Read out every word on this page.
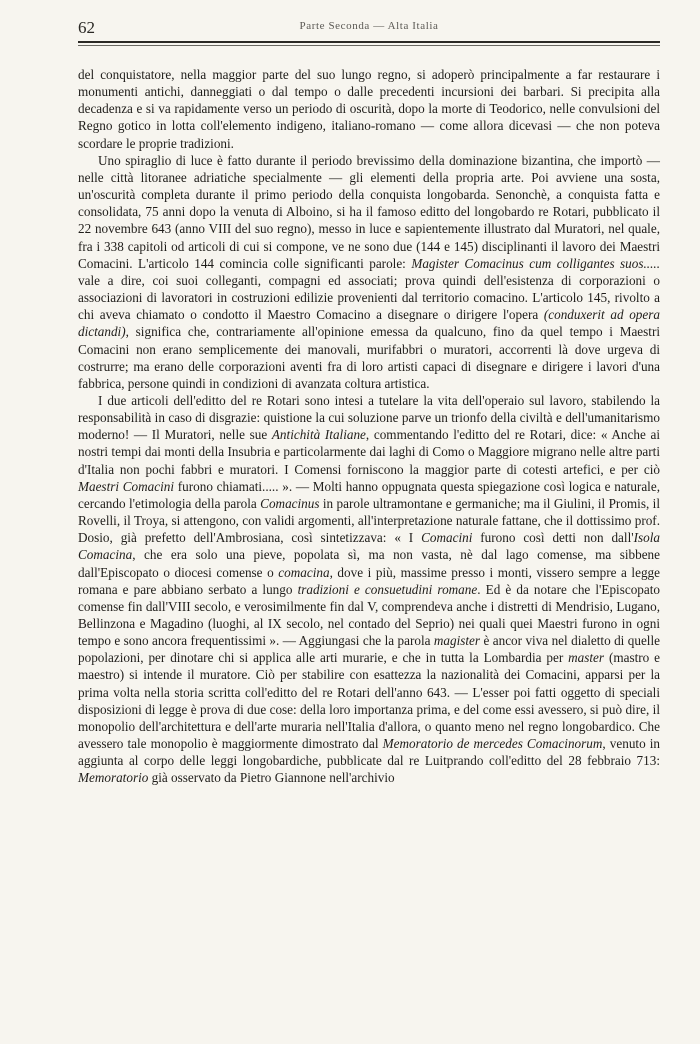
62	Parte Seconda — Alta Italia

del conquistatore, nella maggior parte del suo lungo regno, si adoperò principalmente a far restaurare i monumenti antichi, danneggiati o dal tempo o dalle precedenti incursioni dei barbari. Si precipita alla decadenza e si va rapidamente verso un periodo di oscurità, dopo la morte di Teodorico, nelle convulsioni del Regno gotico in lotta coll'elemento indigeno, italiano-romano — come allora dicevasi — che non poteva scordare le proprie tradizioni.

Uno spiraglio di luce è fatto durante il periodo brevissimo della dominazione bizantina, che importò — nelle città litoranee adriatiche specialmente — gli elementi della propria arte. Poi avviene una sosta, un'oscurità completa durante il primo periodo della conquista longobarda. Senonchè, a conquista fatta e consolidata, 75 anni dopo la venuta di Alboino, si ha il famoso editto del longobardo re Rotari, pubblicato il 22 novembre 643 (anno VIII del suo regno), messo in luce e sapientemente illustrato dal Muratori, nel quale, fra i 338 capitoli od articoli di cui si compone, ve ne sono due (144 e 145) disciplinanti il lavoro dei Maestri Comacini. L'articolo 144 comincia colle significanti parole: Magister Comacinus cum colligantes suos..... vale a dire, coi suoi colleganti, compagni ed associati; prova quindi dell'esistenza di corporazioni o associazioni di lavoratori in costruzioni edilizie provenienti dal territorio comacino. L'articolo 145, rivolto a chi aveva chiamato o condotto il Maestro Comacino a disegnare o dirigere l'opera (conduxerit ad opera dictandi), significa che, contrariamente all'opinione emessa da qualcuno, fino da quel tempo i Maestri Comacini non erano semplicemente dei manovali, murifabbri o muratori, accorrenti là dove urgeva di costrurre; ma erano delle corporazioni aventi fra di loro artisti capaci di disegnare e dirigere i lavori d'una fabbrica, persone quindi in condizioni di avanzata coltura artistica.

I due articoli dell'editto del re Rotari sono intesi a tutelare la vita dell'operaio sul lavoro, stabilendo la responsabilità in caso di disgrazie: quistione la cui soluzione parve un trionfo della civiltà e dell'umanitarismo moderno! — Il Muratori, nelle sue Antichità Italiane, commentando l'editto del re Rotari, dice: « Anche ai nostri tempi dai monti della Insubria e particolarmente dai laghi di Como o Maggiore migrano nelle altre parti d'Italia non pochi fabbri e muratori. I Comensi forniscono la maggior parte di cotesti artefici, e per ciò Maestri Comacini furono chiamati..... ». — Molti hanno oppugnata questa spiegazione così logica e naturale, cercando l'etimologia della parola Comacinus in parole ultramontane e germaniche; ma il Giulini, il Promis, il Rovelli, il Troya, si attengono, con validi argomenti, all'interpretazione naturale fattane, che il dottissimo prof. Dosio, già prefetto dell'Ambrosiana, così sintetizzava: « I Comacini furono così detti non dall'Isola Comacina, che era solo una pieve, popolata sì, ma non vasta, nè dal lago comense, ma sibbene dall'Episcopato o diocesi comense o comacina, dove i più, massime presso i monti, vissero sempre a legge romana e pare abbiano serbato a lungo tradizioni e consuetudini romane. Ed è da notare che l'Episcopato comense fin dall'VIII secolo, e verosimilmente fin dal V, comprendeva anche i distretti di Mendrisio, Lugano, Bellinzona e Magadino (luoghi, al IX secolo, nel contado del Seprio) nei quali quei Maestri furono in ogni tempo e sono ancora frequentissimi ». — Aggiungasi che la parola magister è ancor viva nel dialetto di quelle popolazioni, per dinotare chi si applica alle arti murarie, e che in tutta la Lombardia per master (mastro e maestro) si intende il muratore. Ciò per stabilire con esattezza la nazionalità dei Comacini, apparsi per la prima volta nella storia scritta coll'editto del re Rotari dell'anno 643. — L'esser poi fatti oggetto di speciali disposizioni di legge è prova di due cose: della loro importanza prima, e del come essi avessero, si può dire, il monopolio dell'architettura e dell'arte muraria nell'Italia d'allora, o quanto meno nel regno longobardico. Che avessero tale monopolio è maggiormente dimostrato dal Memoratorio de mercedes Comacinorum, venuto in aggiunta al corpo delle leggi longobardiche, pubblicate dal re Luitprando coll'editto del 28 febbraio 713: Memoratorio già osservato da Pietro Giannone nell'archivio
